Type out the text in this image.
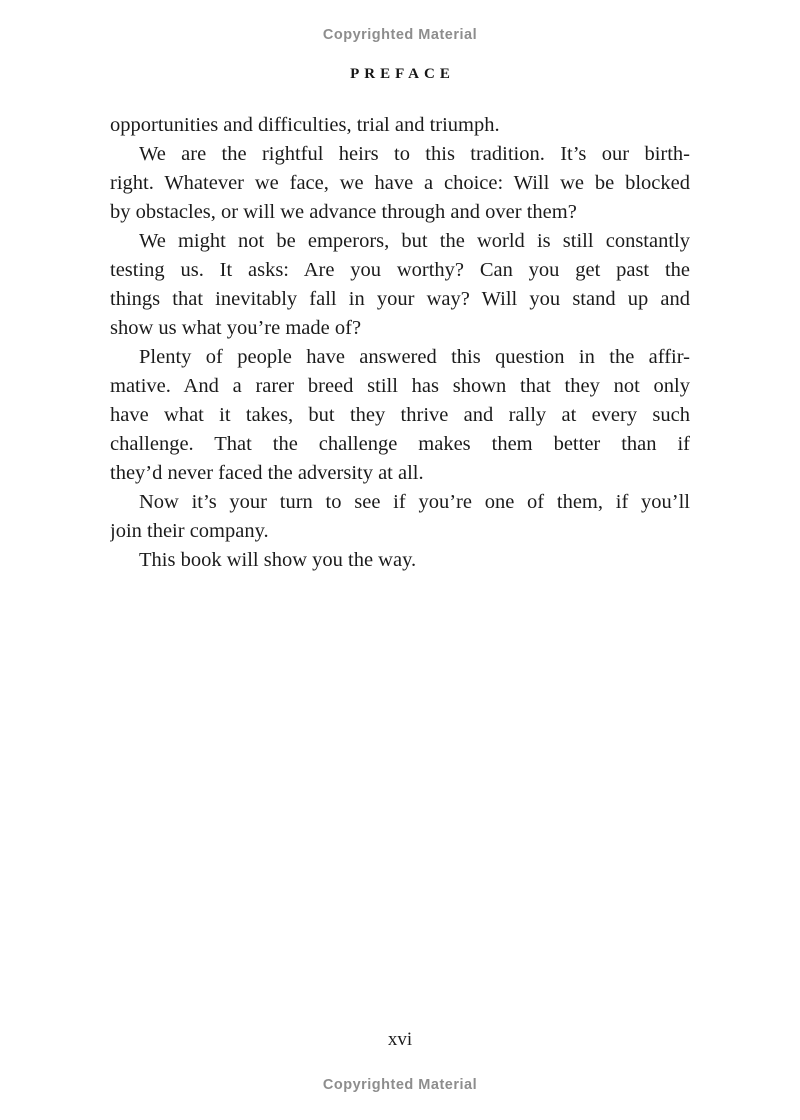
Copyrighted Material
PREFACE
opportunities and difficulties, trial and triumph.
We are the rightful heirs to this tradition. It’s our birth-
right. Whatever we face, we have a choice: Will we be blocked
by obstacles, or will we advance through and over them?
We might not be emperors, but the world is still constantly
testing us. It asks: Are you worthy? Can you get past the
things that inevitably fall in your way? Will you stand up and
show us what you’re made of?
Plenty of people have answered this question in the affir-
mative. And a rarer breed still has shown that they not only
have what it takes, but they thrive and rally at every such
challenge. That the challenge makes them better than if
they’d never faced the adversity at all.
Now it’s your turn to see if you’re one of them, if you’ll
join their company.
This book will show you the way.
xvi
Copyrighted Material
